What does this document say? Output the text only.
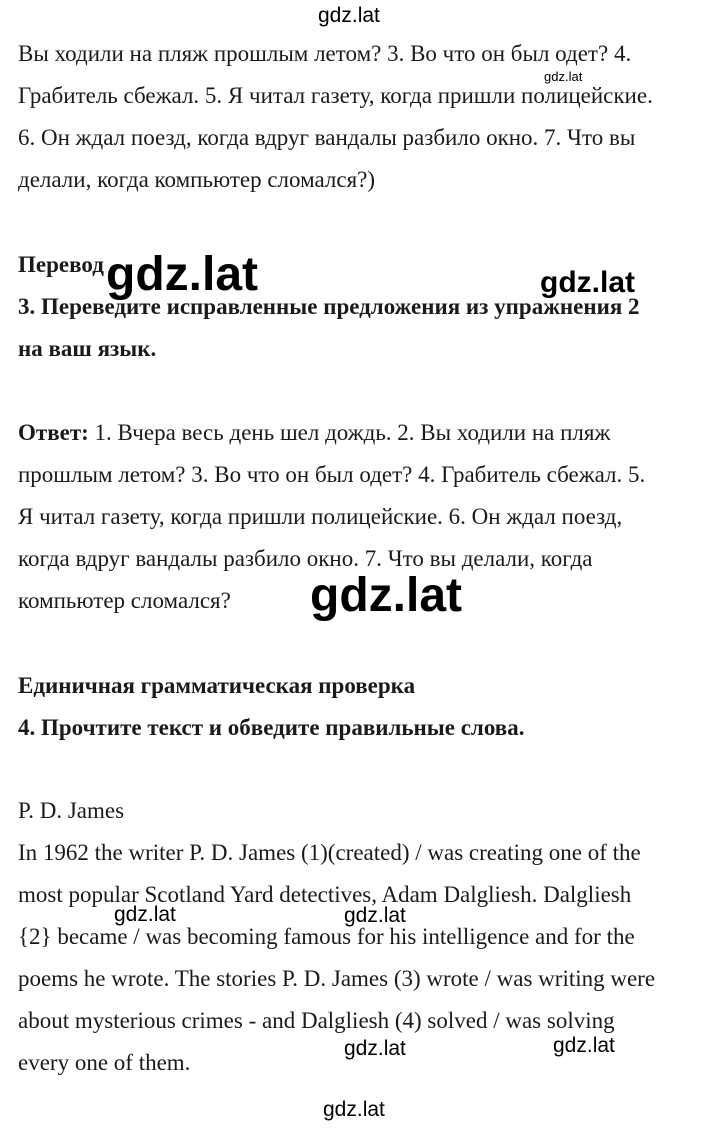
Вы ходили на пляж прошлым летом? 3. Во что он был одет? 4.
Грабитель сбежал. 5. Я читал газету, когда пришли полицейские.
6. Он ждал поезд, когда вдруг вандалы разбило окно. 7. Что вы
делали, когда компьютер сломался?)
Перевод
3. Переведите исправленные предложения из упражнения 2
на ваш язык.
Ответ: 1. Вчера весь день шел дождь. 2. Вы ходили на пляж
прошлым летом? 3. Во что он был одет? 4. Грабитель сбежал. 5.
Я читал газету, когда пришли полицейские. 6. Он ждал поезд,
когда вдруг вандалы разбило окно. 7. Что вы делали, когда
компьютер сломался?
Единичная грамматическая проверка
4. Прочтите текст и обведите правильные слова.
P. D. James
In 1962 the writer P. D. James (1)(created) / was creating one of the
most popular Scotland Yard detectives, Adam Dalgliesh. Dalgliesh
{2} became / was becoming famous for his intelligence and for the
poems he wrote. The stories P. D. James (3) wrote / was writing were
about mysterious crimes - and Dalgliesh (4) solved / was solving
every one of them.
gdz.lat
gdz.lat
gdz.lat	gdz.lat
gdz.lat
gdz.lat	gdz.lat
gdz.lat	gdz.lat
gdz.lat
